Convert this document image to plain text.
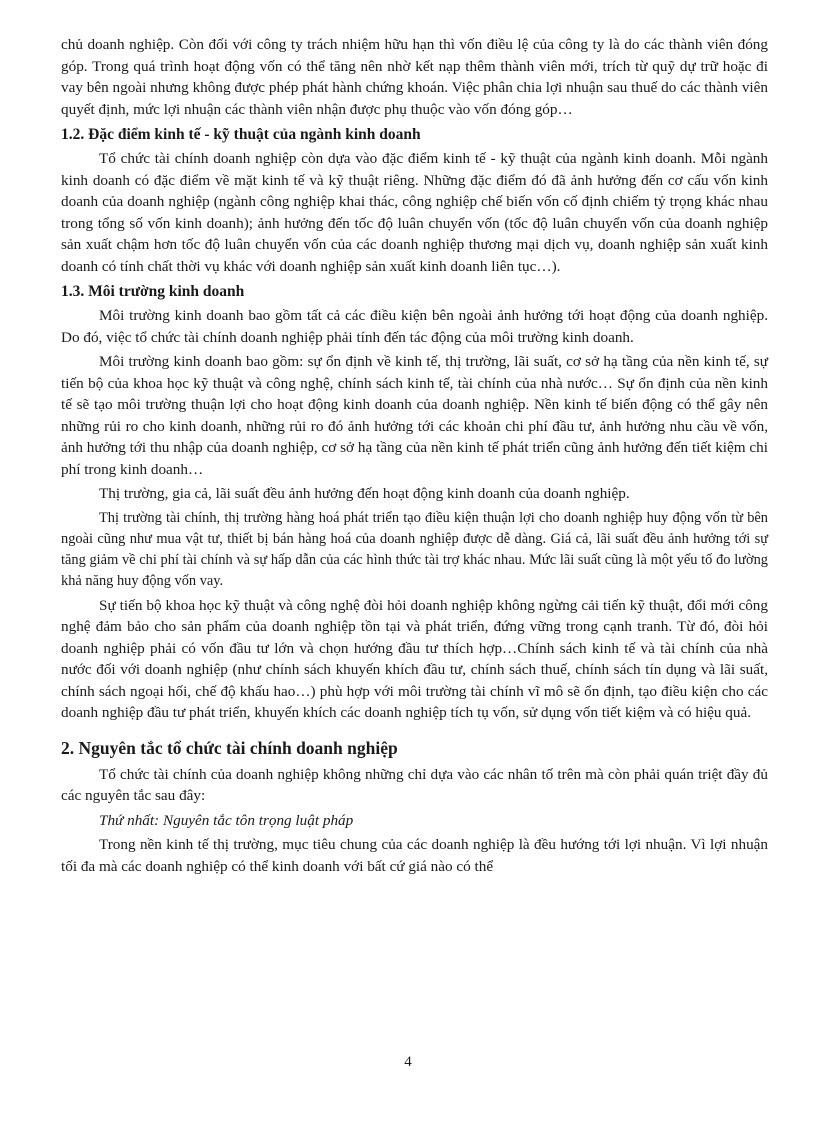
chủ doanh nghiệp. Còn đối với công ty trách nhiệm hữu hạn thì vốn điều lệ của công ty là do các thành viên đóng góp. Trong quá trình hoạt động vốn có thể tăng nên nhờ kết nạp thêm thành viên mới, trích từ quỹ dự trữ hoặc đi vay bên ngoài nhưng không được phép phát hành chứng khoán. Việc phân chia lợi nhuận sau thuế do các thành viên quyết định, mức lợi nhuận các thành viên nhận được phụ thuộc vào vốn đóng góp…

1.2. Đặc điểm kinh tế - kỹ thuật của ngành kinh doanh

Tổ chức tài chính doanh nghiệp còn dựa vào đặc điểm kinh tế - kỹ thuật của ngành kinh doanh. Mỗi ngành kinh doanh có đặc điểm về mặt kinh tế và kỹ thuật riêng. Những đặc điểm đó đã ảnh hưởng đến cơ cấu vốn kinh doanh của doanh nghiệp (ngành công nghiệp khai thác, công nghiệp chế biến vốn cố định chiếm tỷ trọng khác nhau trong tổng số vốn kinh doanh); ảnh hưởng đến tốc độ luân chuyển vốn (tốc độ luân chuyển vốn của doanh nghiệp sản xuất chậm hơn tốc độ luân chuyển vốn của các doanh nghiệp thương mại dịch vụ, doanh nghiệp sản xuất kinh doanh có tính chất thời vụ khác với doanh nghiệp sản xuất kinh doanh liên tục…).

1.3. Môi trường kinh doanh

Môi trường kinh doanh bao gồm tất cả các điều kiện bên ngoài ảnh hưởng tới hoạt động của doanh nghiệp. Do đó, việc tổ chức tài chính doanh nghiệp phải tính đến tác động của môi trường kinh doanh.

Môi trường kinh doanh bao gồm: sự ổn định về kinh tế, thị trường, lãi suất, cơ sở hạ tầng của nền kinh tế, sự tiến bộ của khoa học kỹ thuật và công nghệ, chính sách kinh tế, tài chính của nhà nước… Sự ổn định của nền kinh tế sẽ tạo môi trường thuận lợi cho hoạt động kinh doanh của doanh nghiệp. Nền kinh tế biến động có thể gây nên những rủi ro cho kinh doanh, những rủi ro đó ảnh hưởng tới các khoản chi phí đầu tư, ảnh hưởng nhu cầu về vốn, ảnh hưởng tới thu nhập của doanh nghiệp, cơ sở hạ tầng của nền kinh tế phát triển cũng ảnh hưởng đến tiết kiệm chi phí trong kinh doanh…

Thị trường, gia cả, lãi suất đều ảnh hưởng đến hoạt động kinh doanh của doanh nghiệp.

Thị trường tài chính, thị trường hàng hoá phát triển tạo điều kiện thuận lợi cho doanh nghiệp huy động vốn từ bên ngoài cũng như mua vật tư, thiết bị bán hàng hoá của doanh nghiệp được dễ dàng. Giá cả, lãi suất đều ảnh hưởng tới sự tăng giảm về chi phí tài chính và sự hấp dẫn của các hình thức tài trợ khác nhau. Mức lãi suất cũng là một yếu tố đo lường khả năng huy động vốn vay.

Sự tiến bộ khoa học kỹ thuật và công nghệ đòi hỏi doanh nghiệp không ngừng cải tiến kỹ thuật, đổi mới công nghệ đảm bảo cho sản phẩm của doanh nghiệp tồn tại và phát triển, đứng vững trong cạnh tranh. Từ đó, đòi hỏi doanh nghiệp phải có vốn đầu tư lớn và chọn hướng đầu tư thích hợp…Chính sách kinh tế và tài chính của nhà nước đối với doanh nghiệp (như chính sách khuyến khích đầu tư, chính sách thuế, chính sách tín dụng và lãi suất, chính sách ngoại hối, chế độ khấu hao…) phù hợp với môi trường tài chính vĩ mô sẽ ổn định, tạo điều kiện cho các doanh nghiệp đầu tư phát triển, khuyến khích các doanh nghiệp tích tụ vốn, sử dụng vốn tiết kiệm và có hiệu quả.

2. Nguyên tắc tổ chức tài chính doanh nghiệp

Tổ chức tài chính của doanh nghiệp không những chỉ dựa vào các nhân tố trên mà còn phải quán triệt đầy đủ các nguyên tắc sau đây:

Thứ nhất: Nguyên tắc tôn trọng luật pháp

Trong nền kinh tế thị trường, mục tiêu chung của các doanh nghiệp là đều hướng tới lợi nhuận. Vì lợi nhuận tối đa mà các doanh nghiệp có thể kinh doanh với bất cứ giá nào có thể

4
